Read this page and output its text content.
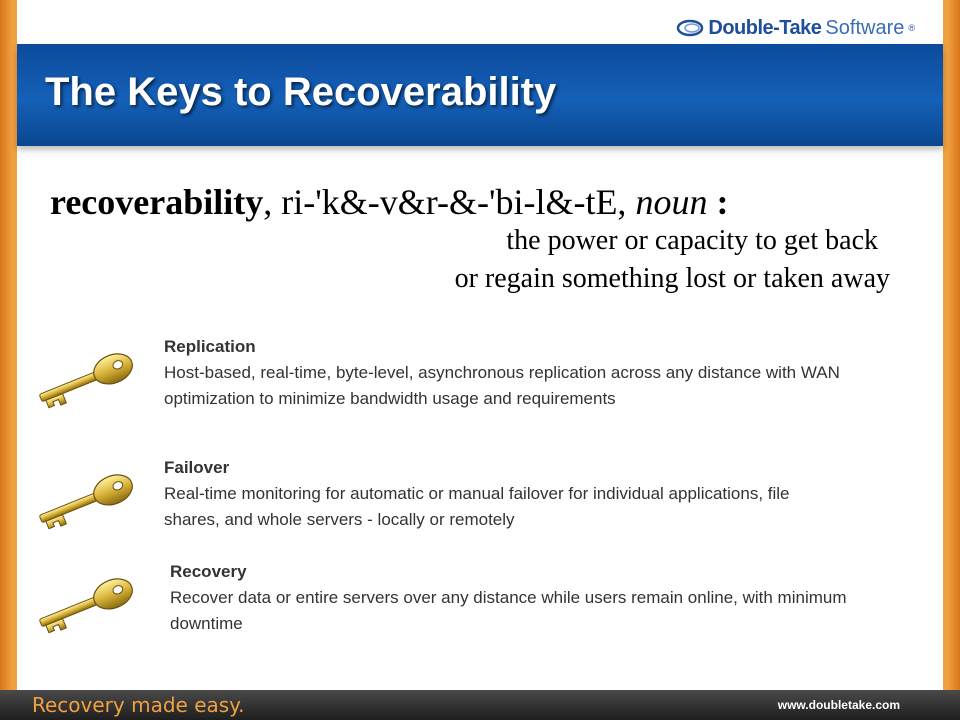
Double-Take Software ®
The Keys to Recoverability
recoverability, ri-'k&-v&r-&-'bi-l&-tE, noun :
the power or capacity to get back
or regain something lost or taken away
Replication
Host-based, real-time, byte-level, asynchronous replication across any distance with WAN optimization to minimize bandwidth usage and requirements
Failover
Real-time monitoring for automatic or manual failover for individual applications, file shares, and whole servers - locally or remotely
Recovery
Recover data or entire servers over any distance while users remain online, with minimum downtime
Recovery made easy.	www.doubletake.com
